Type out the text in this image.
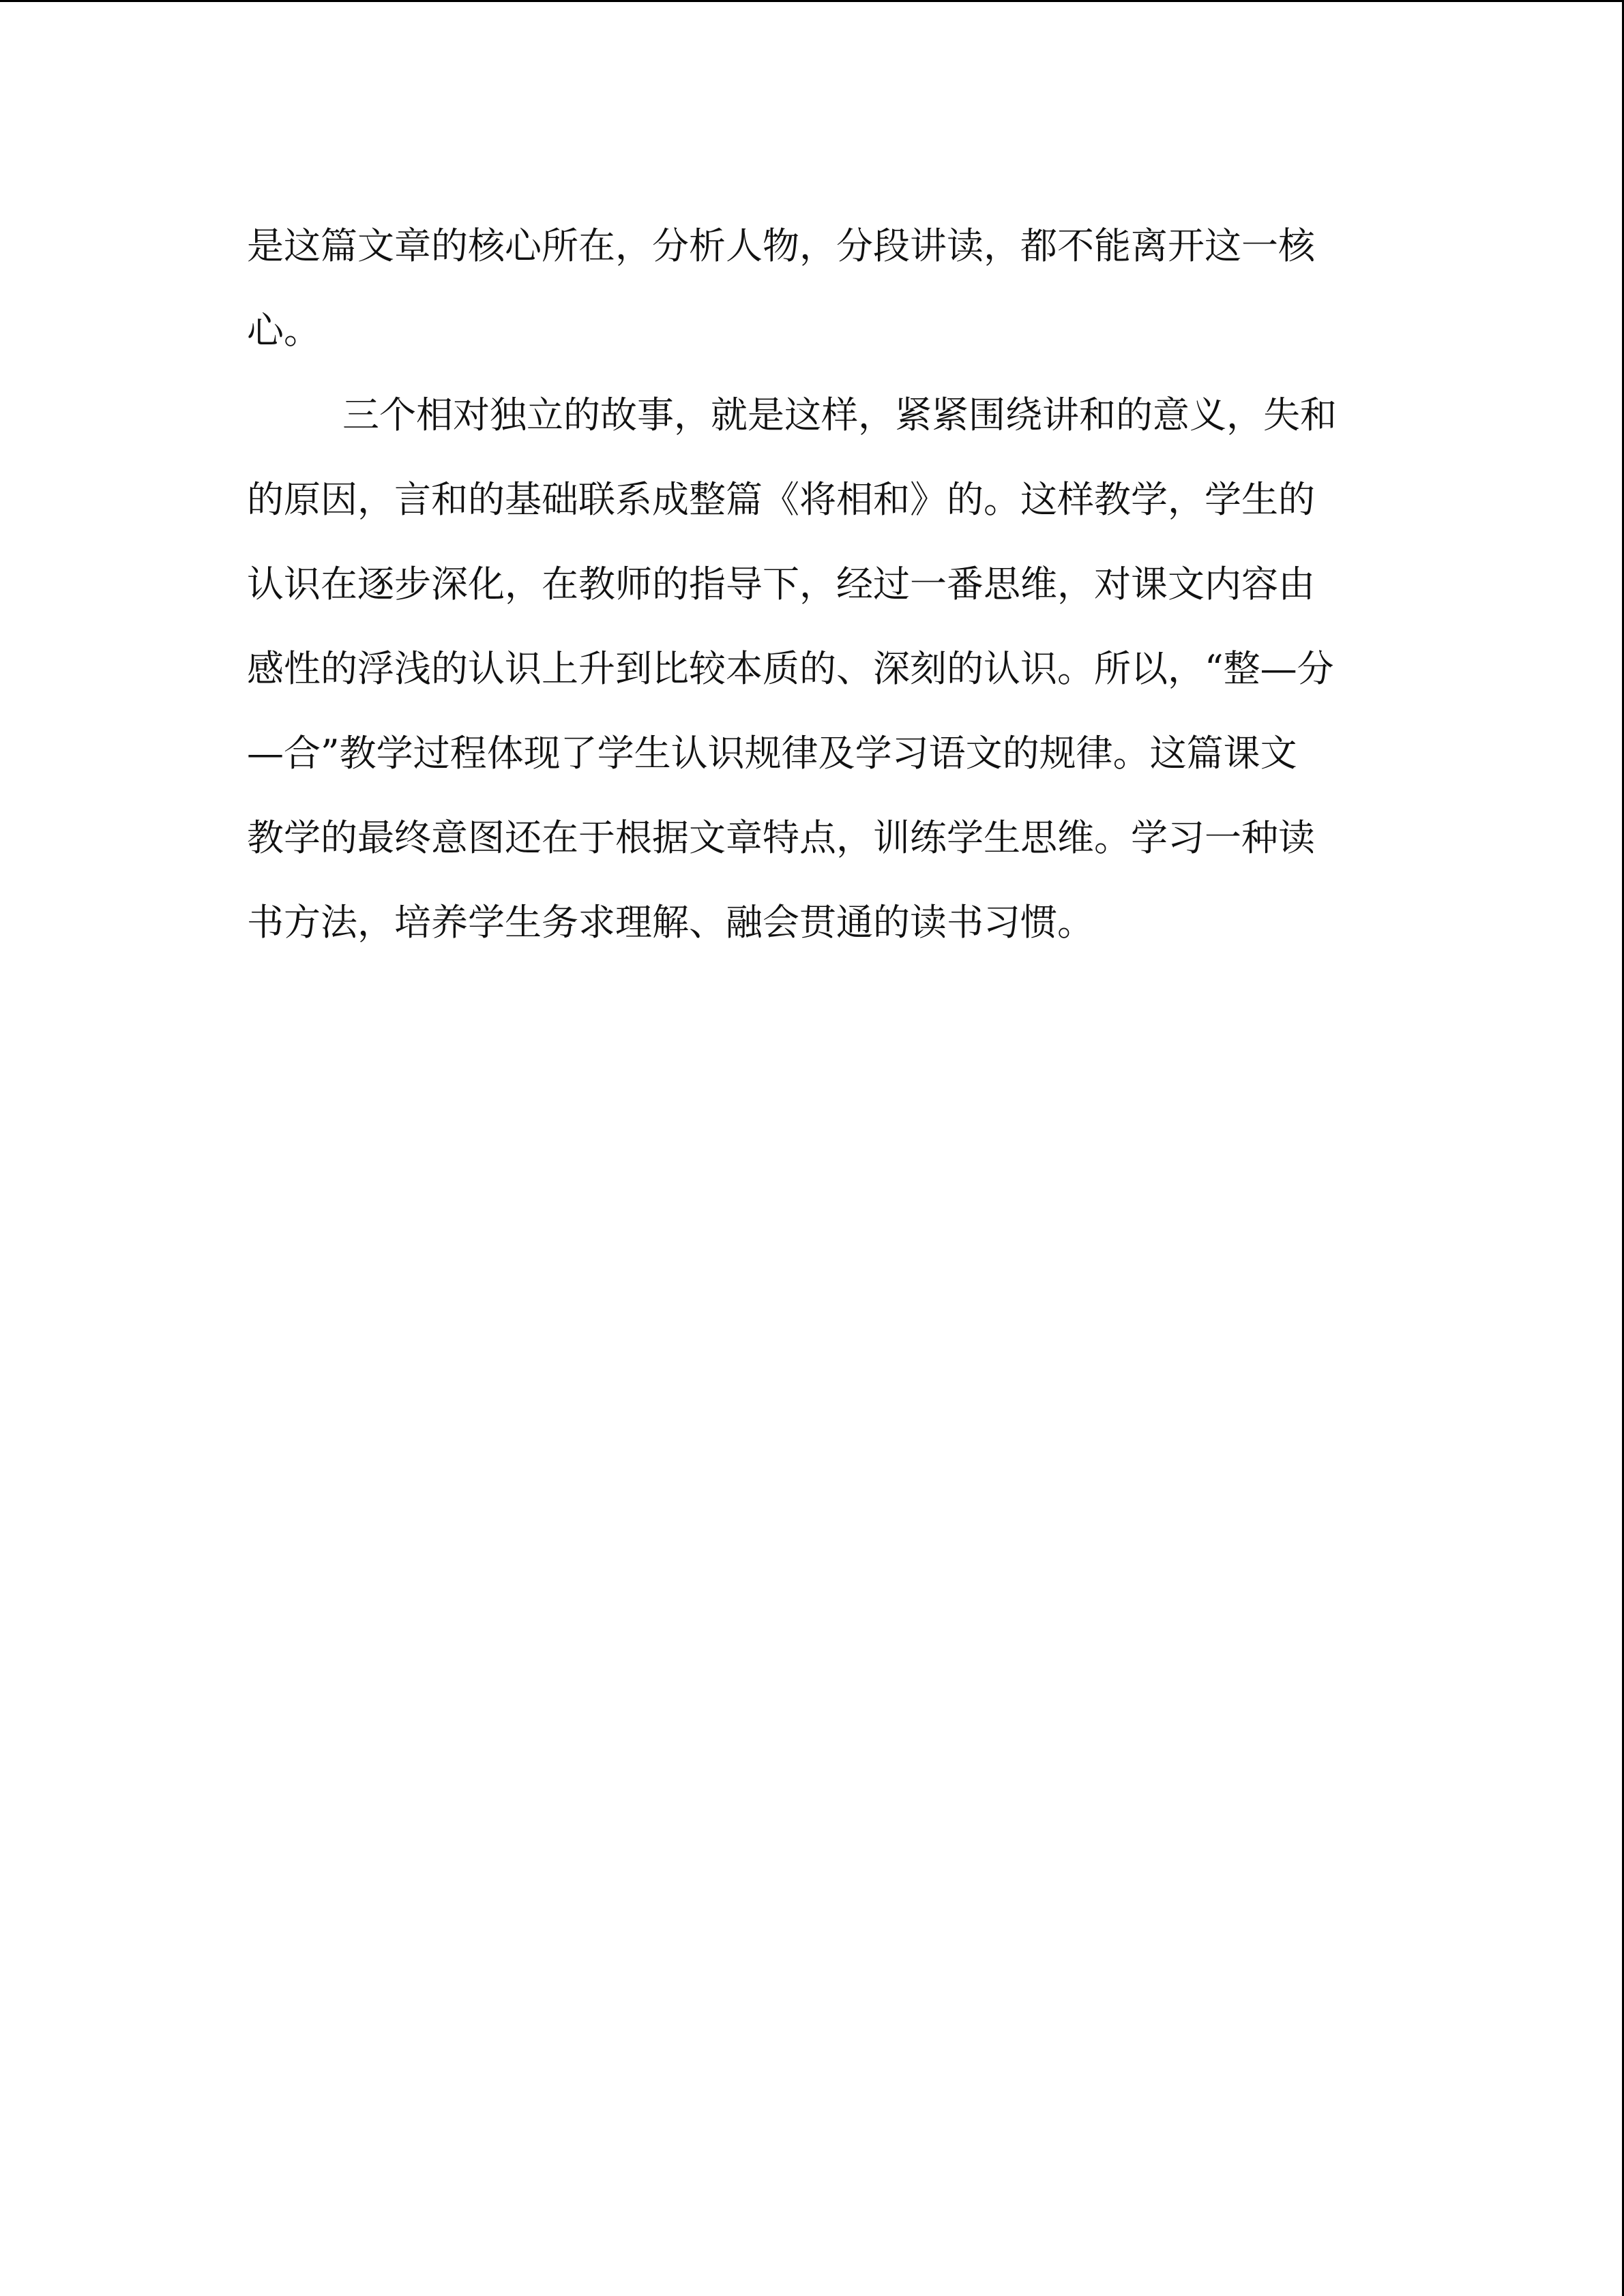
是这篇文章的核心所在，分析人物，分段讲读，都不能离开这一核
心。
三个相对独立的故事，就是这样，紧紧围绕讲和的意义，失和
的原因，言和的基础联系成整篇《将相和》的。这样教学，学生的
认识在逐步深化，在教师的指导下，经过一番思维，对课文内容由
感性的浮浅的认识上升到比较本质的、深刻的认识。所以，“整—分
—合”教学过程体现了学生认识规律及学习语文的规律。这篇课文
教学的最终意图还在于根据文章特点，训练学生思维。学习一种读
书方法，培养学生务求理解、融会贯通的读书习惯。
